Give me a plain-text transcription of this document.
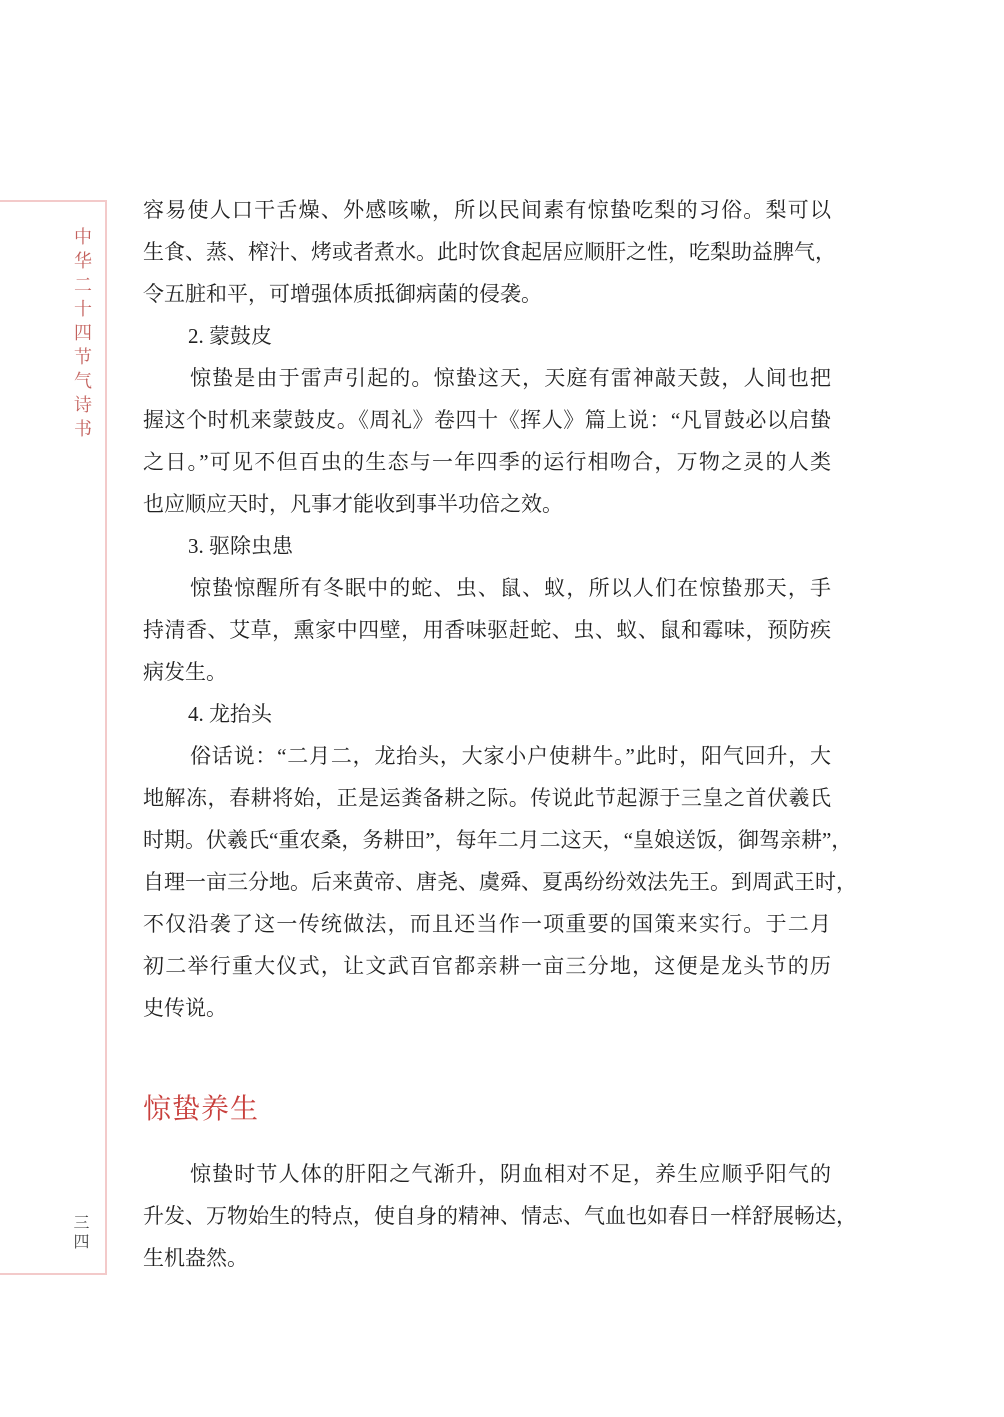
中华二十四节气诗书
三四
容易使人口干舌燥、外感咳嗽，所以民间素有惊蛰吃梨的习俗。梨可以
生食、蒸、榨汁、烤或者煮水。此时饮食起居应顺肝之性，吃梨助益脾气，
令五脏和平，可增强体质抵御病菌的侵袭。
2. 蒙鼓皮
惊蛰是由于雷声引起的。惊蛰这天，天庭有雷神敲天鼓，人间也把
握这个时机来蒙鼓皮。《周礼》卷四十《挥人》篇上说：“凡冒鼓必以启蛰
之日。”可见不但百虫的生态与一年四季的运行相吻合，万物之灵的人类
也应顺应天时，凡事才能收到事半功倍之效。
3. 驱除虫患
惊蛰惊醒所有冬眠中的蛇、虫、鼠、蚁，所以人们在惊蛰那天，手
持清香、艾草，熏家中四壁，用香味驱赶蛇、虫、蚁、鼠和霉味，预防疾
病发生。
4. 龙抬头
俗话说：“二月二，龙抬头，大家小户使耕牛。”此时，阳气回升，大
地解冻，春耕将始，正是运粪备耕之际。传说此节起源于三皇之首伏羲氏
时期。伏羲氏“重农桑，务耕田”，每年二月二这天，“皇娘送饭，御驾亲耕”，
自理一亩三分地。后来黄帝、唐尧、虞舜、夏禹纷纷效法先王。到周武王时，
不仅沿袭了这一传统做法，而且还当作一项重要的国策来实行。于二月
初二举行重大仪式，让文武百官都亲耕一亩三分地，这便是龙头节的历
史传说。
惊蛰养生
惊蛰时节人体的肝阳之气渐升，阴血相对不足，养生应顺乎阳气的
升发、万物始生的特点，使自身的精神、情志、气血也如春日一样舒展畅达，
生机盎然。
